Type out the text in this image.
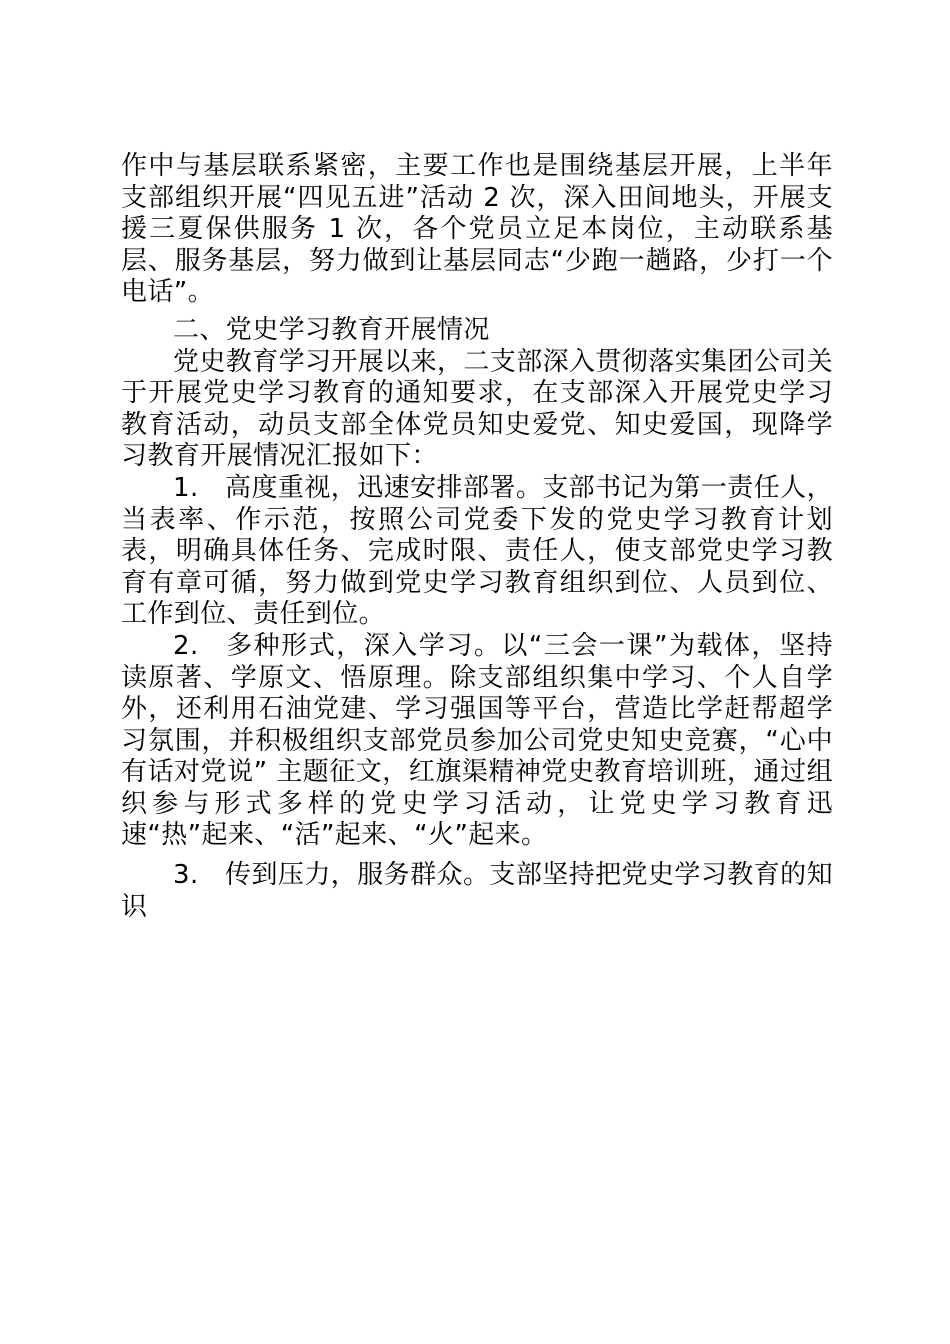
作中与基层联系紧密，主要工作也是围绕基层开展，上半年支部组织开展“四见五进”活动 2 次，深入田间地头，开展支援三夏保供服务 1 次，各个党员立足本岗位，主动联系基层、服务基层，努力做到让基层同志“少跑一趟路，少打一个电话”。

二、党史学习教育开展情况

党史教育学习开展以来，二支部深入贯彻落实集团公司关于开展党史学习教育的通知要求，在支部深入开展党史学习教育活动，动员支部全体党员知史爱党、知史爱国，现降学习教育开展情况汇报如下：

1. 高度重视，迅速安排部署。支部书记为第一责任人，当表率、作示范，按照公司党委下发的党史学习教育计划表，明确具体任务、完成时限、责任人，使支部党史学习教育有章可循，努力做到党史学习教育组织到位、人员到位、工作到位、责任到位。

2. 多种形式，深入学习。以“三会一课”为载体，坚持读原著、学原文、悟原理。除支部组织集中学习、个人自学外，还利用石油党建、学习强国等平台，营造比学赶帮超学习氛围，并积极组织支部党员参加公司党史知史竞赛，“心中有话对党说” 主题征文，红旗渠精神党史教育培训班，通过组织参与形式多样的党史学习活动，让党史学习教育迅速“热”起来、“活”起来、“火”起来。

3. 传到压力，服务群众。支部坚持把党史学习教育的知识
